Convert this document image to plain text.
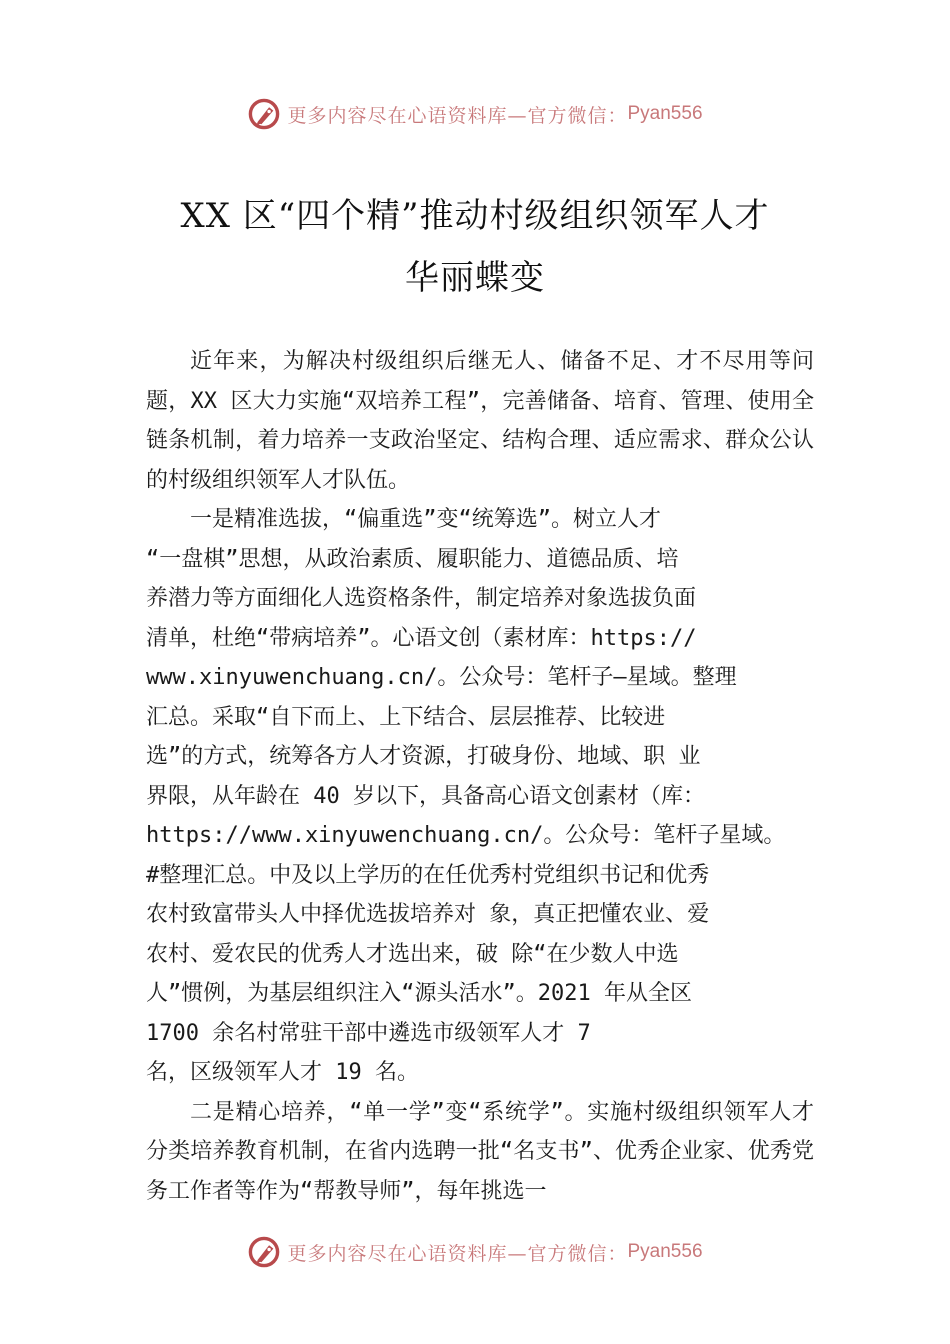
更多内容尽在心语资料库—官方微信： Pyan556
XX 区“四个精”推动村级组织领军人才
华丽蝶变

近年来，为解决村级组织后继无人、储备不足、才不尽用等问题，XX 区大力实施“双培养工程”，完善储备、培育、管理、使用全链条机制，着力培养一支政治坚定、结构合理、适应需求、群众公认的村级组织领军人才队伍。

　　一是精准选拔，“偏重选”变“统筹选”。树立人才
“一盘棋”思想，从政治素质、履职能力、道德品质、培
养潜力等方面细化人选资格条件，制定培养对象选拔负面
清单，杜绝“带病培养”。心语文创（素材库：https://
www.xinyuwenchuang.cn/。公众号：笔杆子—星域。整理
汇总。采取“自下而上、上下结合、层层推荐、比较进
选”的方式，统筹各方人才资源，打破身份、地域、职 业
界限，从年龄在 40 岁以下，具备高心语文创素材（库：
https://www.xinyuwenchuang.cn/。公众号：笔杆子星域。
#整理汇总。中及以上学历的在任优秀村党组织书记和优秀
农村致富带头人中择优选拔培养对 象，真正把懂农业、爱
农村、爱农民的优秀人才选出来，破 除“在少数人中选
人”惯例，为基层组织注入“源头活水”。2021 年从全区
1700 余名村常驻干部中遴选市级领军人才 7
名，区级领军人才 19 名。

二是精心培养，“单一学”变“系统学”。实施村级组织领军人才分类培养教育机制，在省内选聘一批“名支书”、优秀企业家、优秀党务工作者等作为“帮教导师”，每年挑选一

更多内容尽在心语资料库—官方微信： Pyan556
